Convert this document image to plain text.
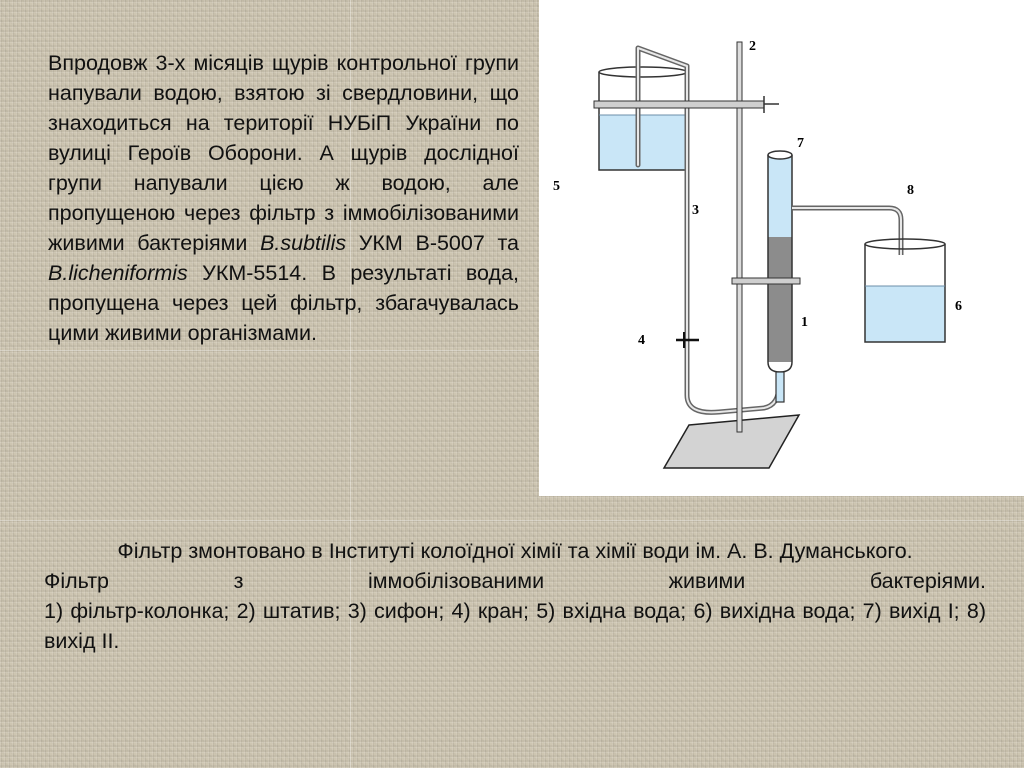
Впродовж 3-х місяців щурів контрольної групи напували водою, взятою зі свердловини, що знаходиться на території НУБіП України по вулиці Героїв Оборони. А щурів дослідної групи напували цією ж водою, але пропущеною через фільтр з іммобілізованими живими бактеріями B.subtilis УКМ В-5007 та B.licheniformis УКМ-5514. В результаті вода, пропущена через цей фільтр, збагачувалась цими живими організмами.	1
2
3
4
5
6
7
8

Фільтр змонтовано в Інституті колоїдної хімії та хімії води ім. А. В. Думанського.

Фільтр з іммобілізованими живими бактеріями.

1) фільтр-колонка; 2) штатив; 3) сифон; 4) кран; 5) вхідна вода; 6) вихідна вода; 7) вихід І; 8) вихід ІІ.
